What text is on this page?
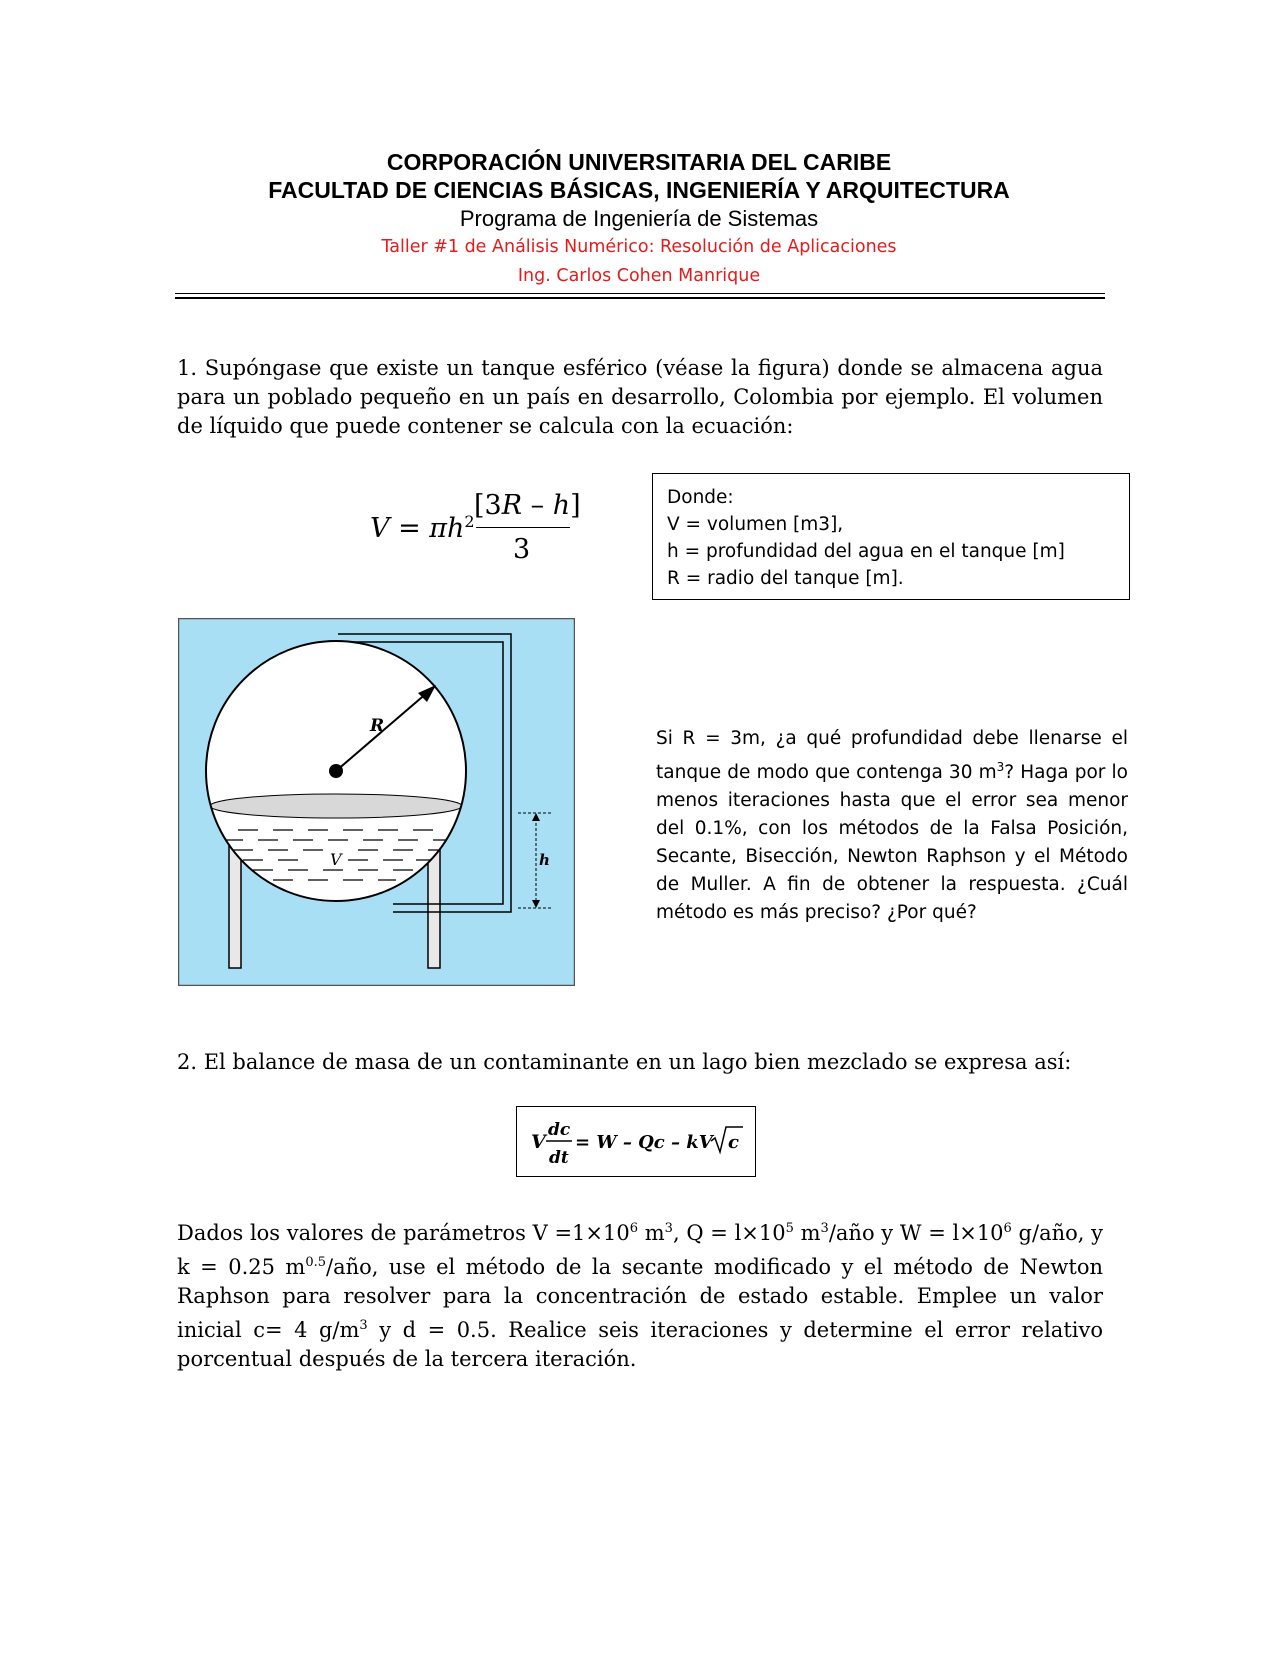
CORPORACIÓN UNIVERSITARIA DEL CARIBE
FACULTAD DE CIENCIAS BÁSICAS, INGENIERÍA Y ARQUITECTURA
Programa de Ingeniería de Sistemas
Taller #1 de Análisis Numérico: Resolución de Aplicaciones
Ing. Carlos Cohen Manrique
1. Supóngase que existe un tanque esférico (véase la figura) donde se almacena agua para un poblado pequeño en un país en desarrollo, Colombia por ejemplo. El volumen de líquido que puede contener se calcula con la ecuación:
$V = \pi h^2$
[3R – h]
3
Donde:
V = volumen [m3],
h = profundidad del agua en el tanque [m]
R = radio del tanque [m].
R
V	h
Si R = 3m, ¿a qué profundidad debe llenarse el tanque de modo que contenga 30 $m^3$? Haga por lo menos iteraciones hasta que el error sea menor del 0.1%, con los métodos de la Falsa Posición, Secante, Bisección, Newton Raphson y el Método de Muller. A fin de obtener la respuesta. ¿Cuál método es más preciso? ¿Por qué?
2. El balance de masa de un contaminante en un lago bien mezclado se expresa así:
V
dc
dt
= W – Qc – kV c
Dados los valores de parámetros $V =1\times 10^6$ $m^3$, $Q = l\times 10^5$ $m^3$/año y $W = l\times 10^6$ g/año, y k = 0.25 $m^{0.5}$/año, use el método de la secante modificado y el método de Newton Raphson para resolver para la concentración de estado estable. Emplee un valor inicial c= 4 $g/m^3$ y d = 0.5. Realice seis iteraciones y determine el error relativo porcentual después de la tercera iteración.
